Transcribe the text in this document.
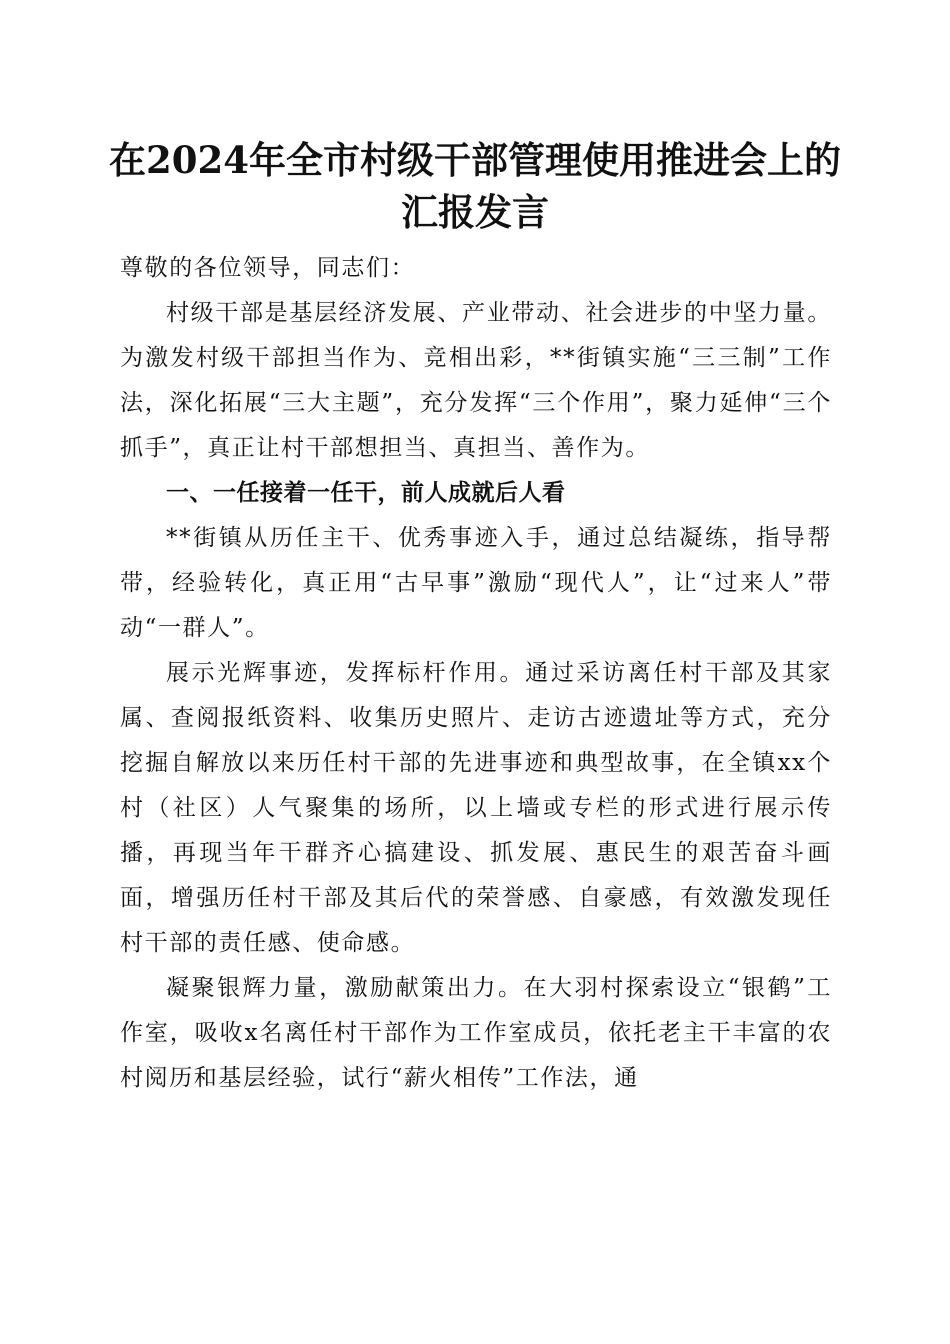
在2024年全市村级干部管理使用推进会上的
汇报发言

尊敬的各位领导，同志们：

村级干部是基层经济发展、产业带动、社会进步的中坚力量。为激发村级干部担当作为、竞相出彩，**街镇实施“三三制”工作法，深化拓展“三大主题”，充分发挥“三个作用”，聚力延伸“三个抓手”，真正让村干部想担当、真担当、善作为。

一、一任接着一任干，前人成就后人看

**街镇从历任主干、优秀事迹入手，通过总结凝练，指导帮带，经验转化，真正用“古早事”激励“现代人”，让“过来人”带动“一群人”。

展示光辉事迹，发挥标杆作用。通过采访离任村干部及其家属、查阅报纸资料、收集历史照片、走访古迹遗址等方式，充分挖掘自解放以来历任村干部的先进事迹和典型故事，在全镇xx个村（社区）人气聚集的场所，以上墙或专栏的形式进行展示传播，再现当年干群齐心搞建设、抓发展、惠民生的艰苦奋斗画面，增强历任村干部及其后代的荣誉感、自豪感，有效激发现任村干部的责任感、使命感。

凝聚银辉力量，激励献策出力。在大羽村探索设立“银鹤”工作室，吸收x名离任村干部作为工作室成员，依托老主干丰富的农村阅历和基层经验，试行“薪火相传”工作法，通
